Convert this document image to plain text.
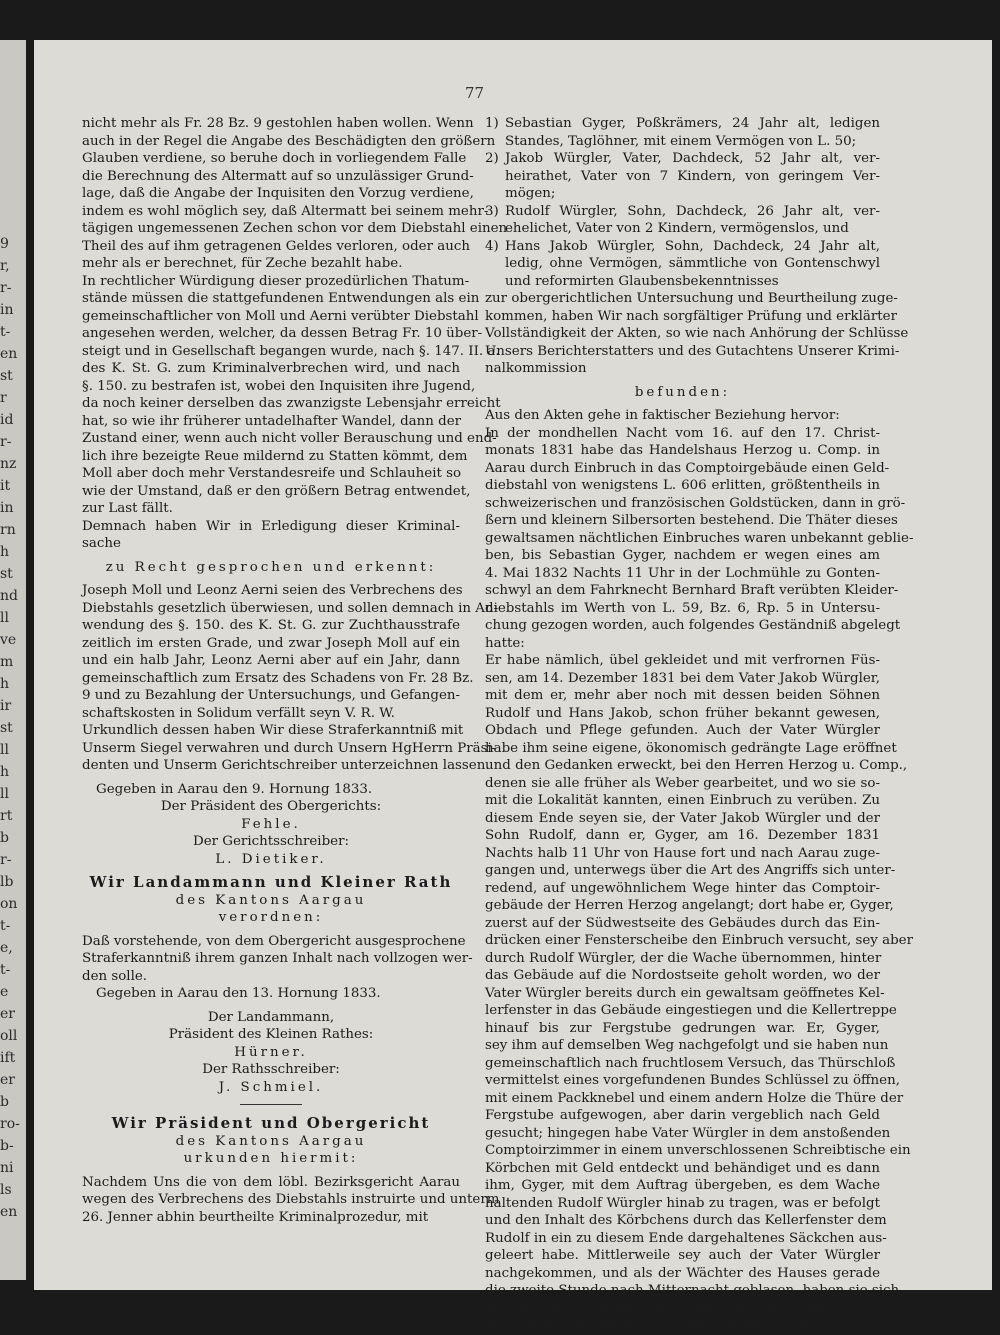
9
r,
r-
in
t-
en
st
r
id
r-
nz
it
in
rn
h
st
nd
ll
ve
m
h
ir
st
ll
h
ll
rt
b
r-
lb
on
t-
e,
t-
e
er
oll
ift
er
b
ro-
b-
ni
ls
en
77
nicht mehr als Fr. 28 Bz. 9 gestohlen haben wollen. Wenn
auch in der Regel die Angabe des Beschädigten den größern
Glauben verdiene, so beruhe doch in vorliegendem Falle
die Berechnung des Altermatt auf so unzulässiger Grund-
lage, daß die Angabe der Inquisiten den Vorzug verdiene,
indem es wohl möglich sey, daß Altermatt bei seinem mehr-
tägigen ungemessenen Zechen schon vor dem Diebstahl einen
Theil des auf ihm getragenen Geldes verloren, oder auch
mehr als er berechnet, für Zeche bezahlt habe.
In rechtlicher Würdigung dieser prozedürlichen Thatum-
stände müssen die stattgefundenen Entwendungen als ein
gemeinschaftlicher von Moll und Aerni verübter Diebstahl
angesehen werden, welcher, da dessen Betrag Fr. 10 über-
steigt und in Gesellschaft begangen wurde, nach §. 147. II. a.
des K. St. G. zum Kriminalverbrechen wird, und nach
§. 150. zu bestrafen ist, wobei den Inquisiten ihre Jugend,
da noch keiner derselben das zwanzigste Lebensjahr erreicht
hat, so wie ihr früherer untadelhafter Wandel, dann der
Zustand einer, wenn auch nicht voller Berauschung und end-
lich ihre bezeigte Reue mildernd zu Statten kömmt, dem
Moll aber doch mehr Verstandesreife und Schlauheit so
wie der Umstand, daß er den größern Betrag entwendet,
zur Last fällt.
Demnach haben Wir in Erledigung dieser Kriminal-
sache
zu Recht gesprochen und erkennt:
Joseph Moll und Leonz Aerni seien des Verbrechens des
Diebstahls gesetzlich überwiesen, und sollen demnach in An-
wendung des §. 150. des K. St. G. zur Zuchthausstrafe
zeitlich im ersten Grade, und zwar Joseph Moll auf ein
und ein halb Jahr, Leonz Aerni aber auf ein Jahr, dann
gemeinschaftlich zum Ersatz des Schadens von Fr. 28 Bz.
9 und zu Bezahlung der Untersuchungs, und Gefangen-
schaftskosten in Solidum verfällt seyn V. R. W.
Urkundlich dessen haben Wir diese Straferkanntniß mit
Unserm Siegel verwahren und durch Unsern HgHerrn Präsi-
denten und Unserm Gerichtschreiber unterzeichnen lassen.
Gegeben in Aarau den 9. Hornung 1833.
Der Präsident des Obergerichts:
Fehle.
Der Gerichtsschreiber:
L. Dietiker.
Wir Landammann und Kleiner Rath
des Kantons Aargau
verordnen:
Daß vorstehende, von dem Obergericht ausgesprochene
Straferkanntniß ihrem ganzen Inhalt nach vollzogen wer-
den solle.
Gegeben in Aarau den 13. Hornung 1833.
Der Landammann,
Präsident des Kleinen Rathes:
Hürner.
Der Rathsschreiber:
J. Schmiel.
Wir Präsident und Obergericht
des Kantons Aargau
urkunden hiermit:
Nachdem Uns die von dem löbl. Bezirksgericht Aarau
wegen des Verbrechens des Diebstahls instruirte und unterm
26. Jenner abhin beurtheilte Kriminalprozedur, mit
1) Sebastian Gyger, Poßkrämers, 24 Jahr alt, ledigen
Standes, Taglöhner, mit einem Vermögen von L. 50;
2) Jakob Würgler, Vater, Dachdeck, 52 Jahr alt, ver-
heirathet, Vater von 7 Kindern, von geringem Ver-
mögen;
3) Rudolf Würgler, Sohn, Dachdeck, 26 Jahr alt, ver-
ehelichet, Vater von 2 Kindern, vermögenslos, und
4) Hans Jakob Würgler, Sohn, Dachdeck, 24 Jahr alt,
ledig, ohne Vermögen, sämmtliche von Gontenschwyl
und reformirten Glaubensbekenntnisses
zur obergerichtlichen Untersuchung und Beurtheilung zuge-
kommen, haben Wir nach sorgfältiger Prüfung und erklärter
Vollständigkeit der Akten, so wie nach Anhörung der Schlüsse
Unsers Berichterstatters und des Gutachtens Unserer Krimi-
nalkommission
befunden:
Aus den Akten gehe in faktischer Beziehung hervor:
In der mondhellen Nacht vom 16. auf den 17. Christ-
monats 1831 habe das Handelshaus Herzog u. Comp. in
Aarau durch Einbruch in das Comptoirgebäude einen Geld-
diebstahl von wenigstens L. 606 erlitten, größtentheils in
schweizerischen und französischen Goldstücken, dann in grö-
ßern und kleinern Silbersorten bestehend. Die Thäter dieses
gewaltsamen nächtlichen Einbruches waren unbekannt geblie-
ben, bis Sebastian Gyger, nachdem er wegen eines am
4. Mai 1832 Nachts 11 Uhr in der Lochmühle zu Gonten-
schwyl an dem Fahrknecht Bernhard Braft verübten Kleider-
diebstahls im Werth von L. 59, Bz. 6, Rp. 5 in Untersu-
chung gezogen worden, auch folgendes Geständniß abgelegt
hatte:
Er habe nämlich, übel gekleidet und mit verfrornen Füs-
sen, am 14. Dezember 1831 bei dem Vater Jakob Würgler,
mit dem er, mehr aber noch mit dessen beiden Söhnen
Rudolf und Hans Jakob, schon früher bekannt gewesen,
Obdach und Pflege gefunden. Auch der Vater Würgler
habe ihm seine eigene, ökonomisch gedrängte Lage eröffnet
und den Gedanken erweckt, bei den Herren Herzog u. Comp.,
denen sie alle früher als Weber gearbeitet, und wo sie so-
mit die Lokalität kannten, einen Einbruch zu verüben. Zu
diesem Ende seyen sie, der Vater Jakob Würgler und der
Sohn Rudolf, dann er, Gyger, am 16. Dezember 1831
Nachts halb 11 Uhr von Hause fort und nach Aarau zuge-
gangen und, unterwegs über die Art des Angriffs sich unter-
redend, auf ungewöhnlichem Wege hinter das Comptoir-
gebäude der Herren Herzog angelangt; dort habe er, Gyger,
zuerst auf der Südwestseite des Gebäudes durch das Ein-
drücken einer Fensterscheibe den Einbruch versucht, sey aber
durch Rudolf Würgler, der die Wache übernommen, hinter
das Gebäude auf die Nordostseite geholt worden, wo der
Vater Würgler bereits durch ein gewaltsam geöffnetes Kel-
lerfenster in das Gebäude eingestiegen und die Kellertreppe
hinauf bis zur Fergstube gedrungen war. Er, Gyger,
sey ihm auf demselben Weg nachgefolgt und sie haben nun
gemeinschaftlich nach fruchtlosem Versuch, das Thürschloß
vermittelst eines vorgefundenen Bundes Schlüssel zu öffnen,
mit einem Packknebel und einem andern Holze die Thüre der
Fergstube aufgewogen, aber darin vergeblich nach Geld
gesucht; hingegen habe Vater Würgler in dem anstoßenden
Comptoirzimmer in einem unverschlossenen Schreibtische ein
Körbchen mit Geld entdeckt und behändiget und es dann
ihm, Gyger, mit dem Auftrag übergeben, es dem Wache
haltenden Rudolf Würgler hinab zu tragen, was er befolgt
und den Inhalt des Körbchens durch das Kellerfenster dem
Rudolf in ein zu diesem Ende dargehaltenes Säckchen aus-
geleert habe. Mittlerweile sey auch der Vater Würgler
nachgekommen, und als der Wächter des Hauses gerade
die zweite Stunde nach Mitternacht geblasen, haben sie sich
ins Freie gemacht und aus Furcht, daß derselbe sie ent-
decken möchte, auf verschiedenen Wegen fort und nach
